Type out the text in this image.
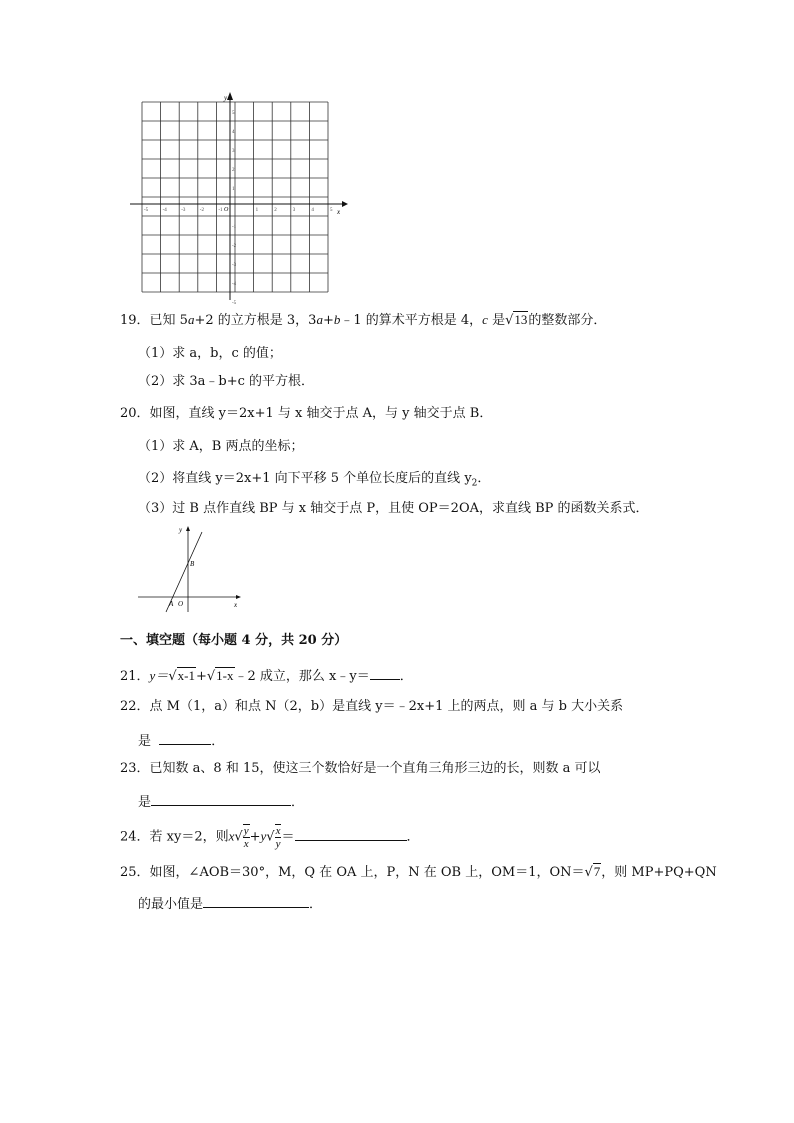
x
y
O
-5	-4	-3	-2	-1	1	2	3	4	5
5
4
3
2
1
-1
-2
-3
-4
-5
19．已知 5a+2 的立方根是 3，3a+b﹣1 的算术平方根是 4，c 是√13的整数部分．
（1）求 a，b，c 的值；
（2）求 3a﹣b+c 的平方根．
20．如图，直线 y＝2x+1 与 x 轴交于点 A，与 y 轴交于点 B．
（1）求 A，B 两点的坐标；
（2）将直线 y＝2x+1 向下平移 5 个单位长度后的直线 $y_2$．
（3）过 B 点作直线 BP 与 x 轴交于点 P，且使 OP＝2OA，求直线 BP 的函数关系式．
y
x
B
A O
一、填空题（每小题 4 分，共 20 分）
21．y＝√x-1+√1-x﹣2 成立，那么 x﹣y＝ ．
22．点 M（1，a）和点 N（2，b）是直线 y＝﹣2x+1 上的两点，则 a 与 b 大小关系
是	．
23．已知数 a、8 和 15，使这三个数恰好是一个直角三角形三边的长，则数 a 可以
是	．
24．若 xy＝2，则$x√ \frac{y}{x} +y√ \frac{x}{y}$ ＝	．
25．如图，∠AOB＝30°，M，Q 在 OA 上，P，N 在 OB 上，OM＝1，ON＝√7，则 MP+PQ+QN
的最小值是	．
